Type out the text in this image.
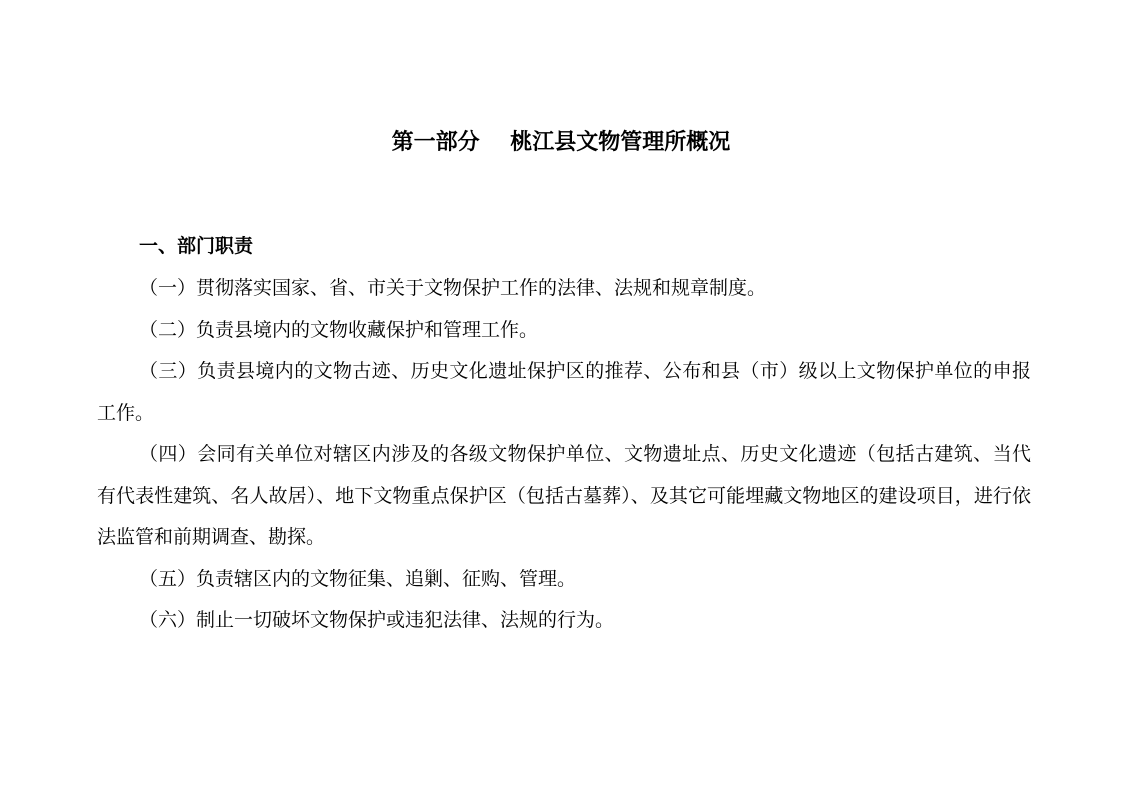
第一部分    桃江县文物管理所概况
一、部门职责

（一）贯彻落实国家、省、市关于文物保护工作的法律、法规和规章制度。

（二）负责县境内的文物收藏保护和管理工作。

（三）负责县境内的文物古迹、历史文化遗址保护区的推荐、公布和县（市）级以上文物保护单位的申报工作。

（四）会同有关单位对辖区内涉及的各级文物保护单位、文物遗址点、历史文化遗迹（包括古建筑、当代有代表性建筑、名人故居）、地下文物重点保护区（包括古墓葬）、及其它可能埋藏文物地区的建设项目，进行依法监管和前期调查、勘探。

（五）负责辖区内的文物征集、追剿、征购、管理。

（六）制止一切破坏文物保护或违犯法律、法规的行为。
